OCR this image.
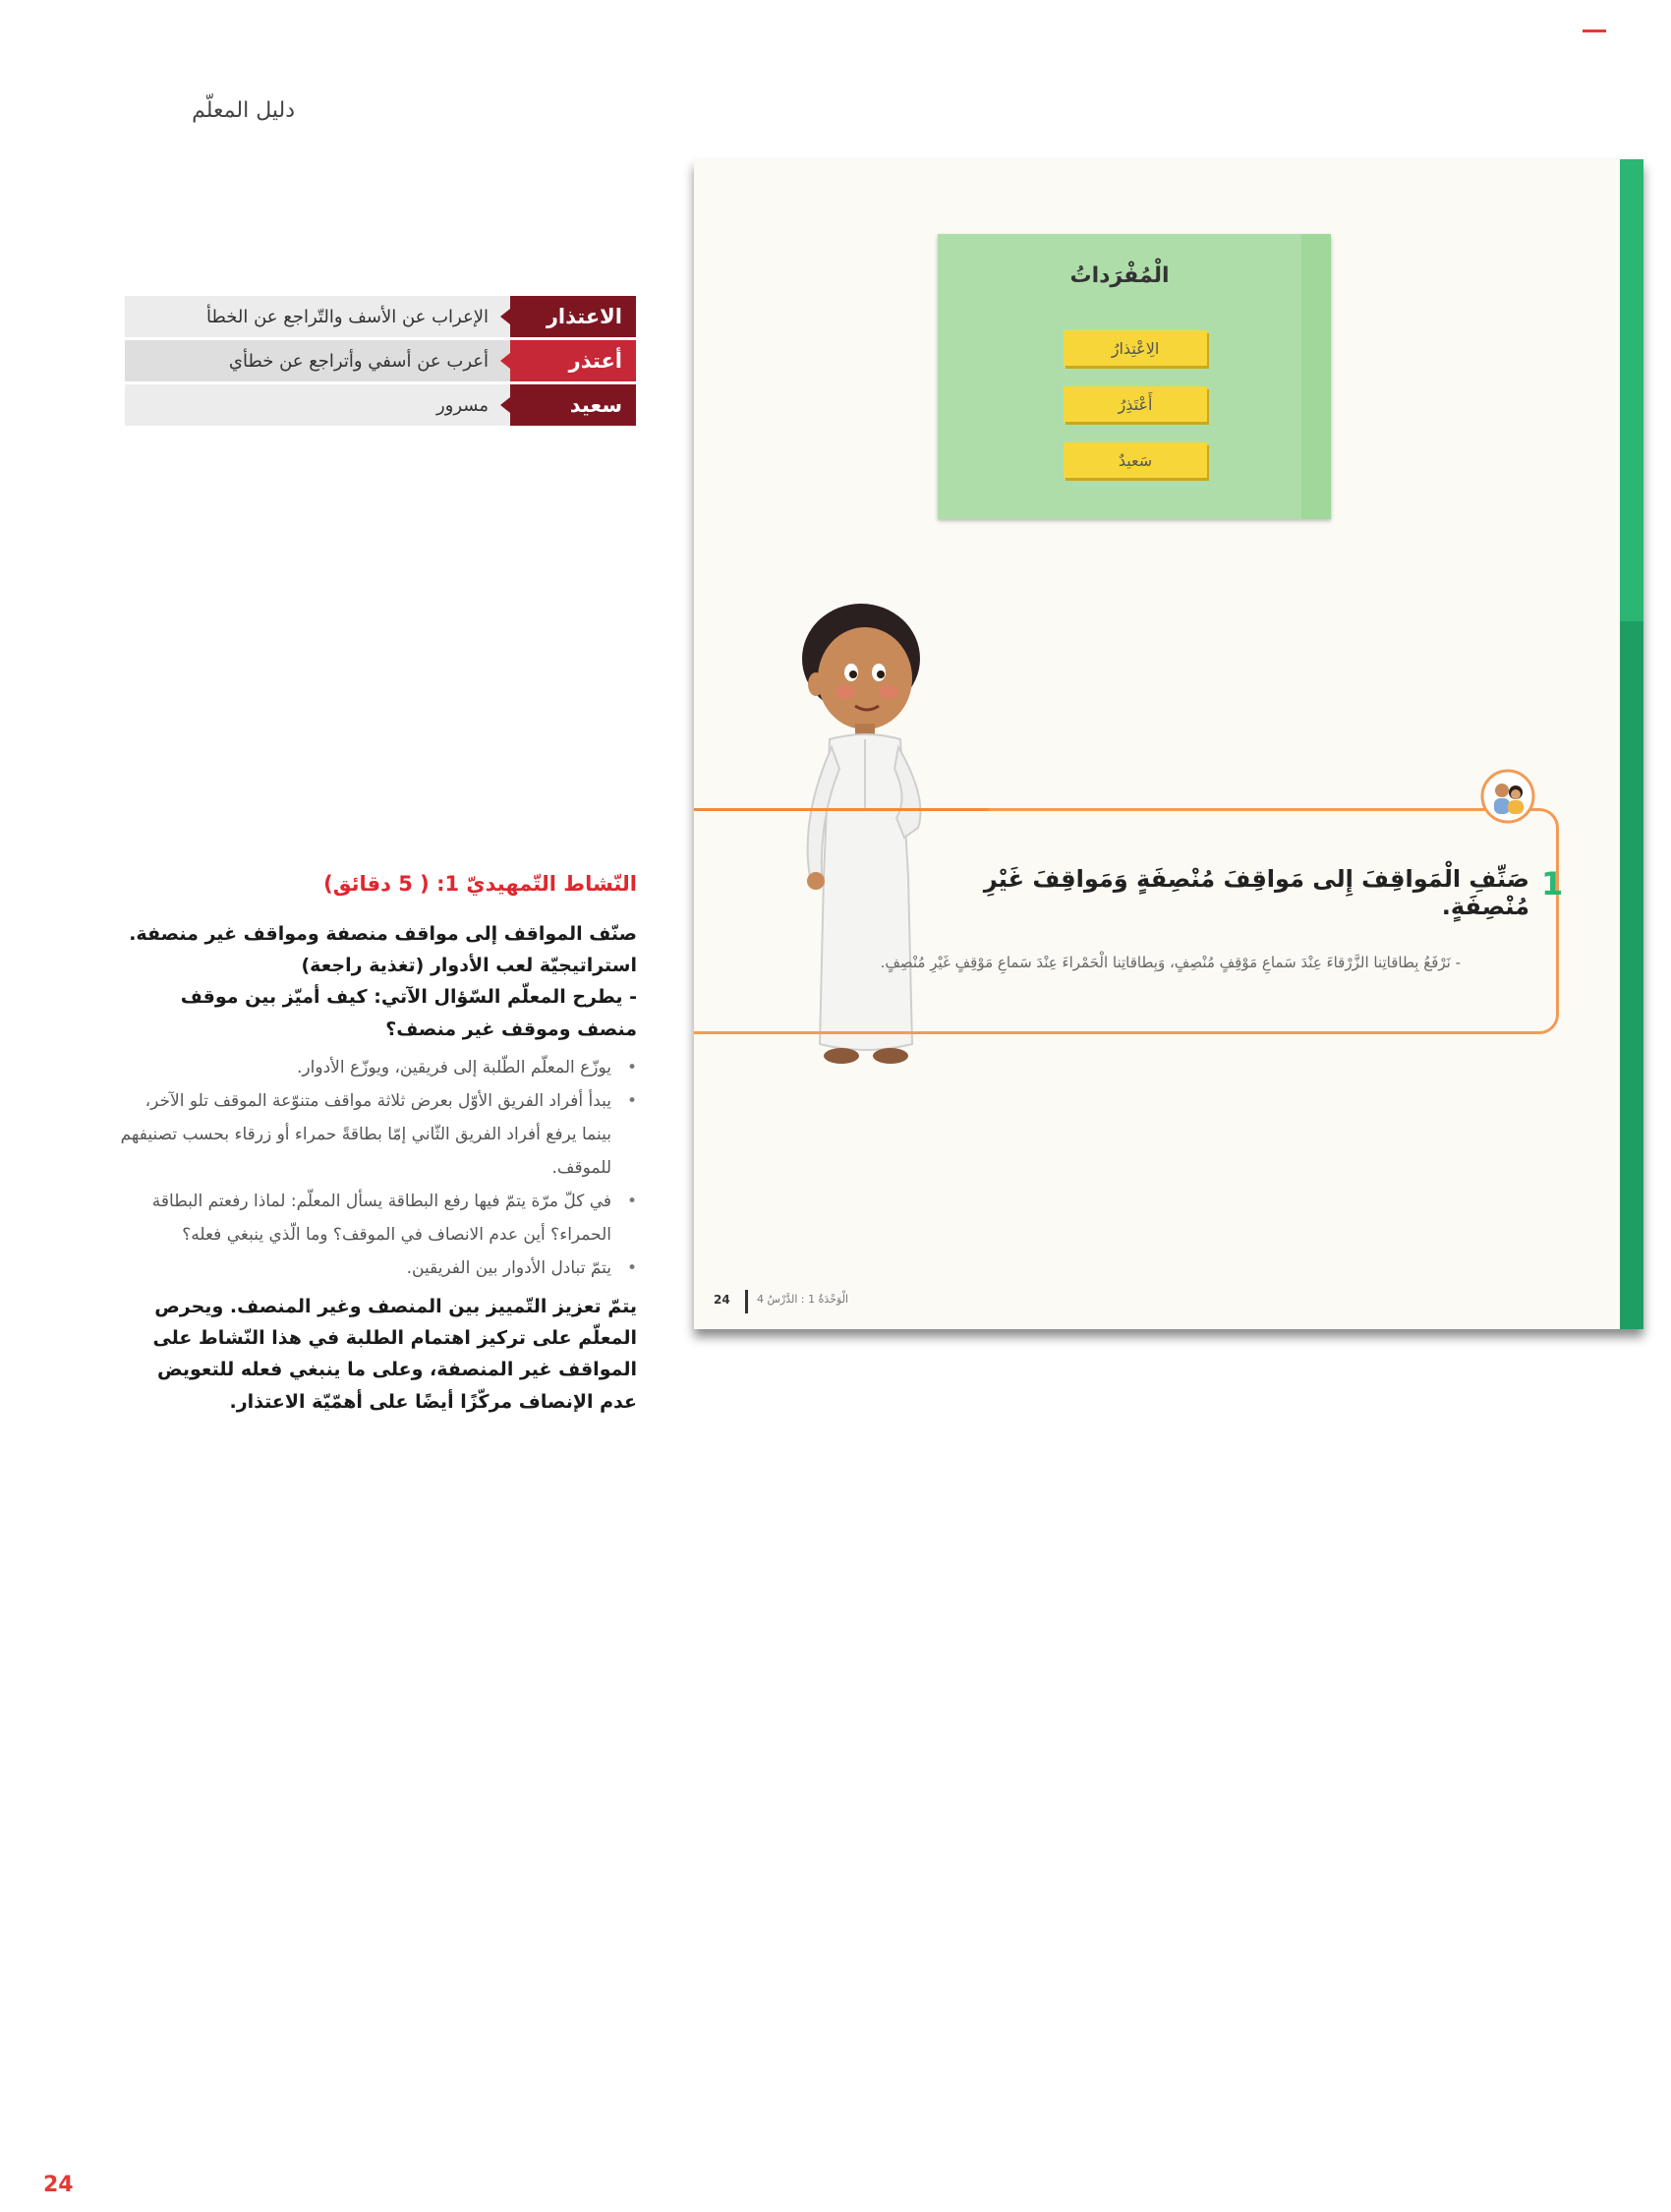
دليل المعلّم
الاعتذار
الإعراب عن الأسف والتّراجع عن الخطأ
أعتذر
أعرب عن أسفي وأتراجع عن خطأي
سعيد
مسرور
النّشاط التّمهيديّ 1: ( 5 دقائق)
صنّف المواقف إلى مواقف منصفة ومواقف غير منصفة.
استراتيجيّة لعب الأدوار (تغذية راجعة)
- يطرح المعلّم السّؤال الآتي: كيف أميّز بين موقف منصف وموقف غير منصف؟
• يوزّع المعلّم الطّلبة إلى فريقين، ويوزّع الأدوار.
• يبدأ أفراد الفريق الأوّل بعرض ثلاثة مواقف متنوّعة الموقف تلو الآخر، بينما يرفع أفراد الفريق الثّاني إمّا بطاقةً حمراء أو زرقاء بحسب تصنيفهم للموقف.
• في كلّ مرّة يتمّ فيها رفع البطاقة يسأل المعلّم: لماذا رفعتم البطاقة الحمراء؟ أين عدم الانصاف في الموقف؟ وما الّذي ينبغي فعله؟
• يتمّ تبادل الأدوار بين الفريقين.
يتمّ تعزيز التّمييز بين المنصف وغير المنصف. ويحرص المعلّم على تركيز اهتمام الطلبة في هذا النّشاط على المواقف غير المنصفة، وعلى ما ينبغي فعله للتعويض عدم الإنصاف مركّزًا أيضًا على أهمّيّة الاعتذار.
الْمُفْرَداتُ
الِاعْتِذارُ
أَعْتَذِرُ
سَعيدٌ
1
صَنِّفِ الْمَواقِفَ إِلى مَواقِفَ مُنْصِفَةٍ وَمَواقِفَ غَيْرِ مُنْصِفَةٍ.
- نَرْفَعُ بِطاقاتِنا الزَّرْقاءَ عِنْدَ سَماعِ مَوْقِفٍ مُنْصِفٍ، وَبِطاقاتِنا الْحَمْراءَ عِنْدَ سَماعِ مَوْقِفٍ غَيْرِ مُنْصِفٍ.
24 الْوَحْدَةُ 1 : الدَّرْسُ 4
24
